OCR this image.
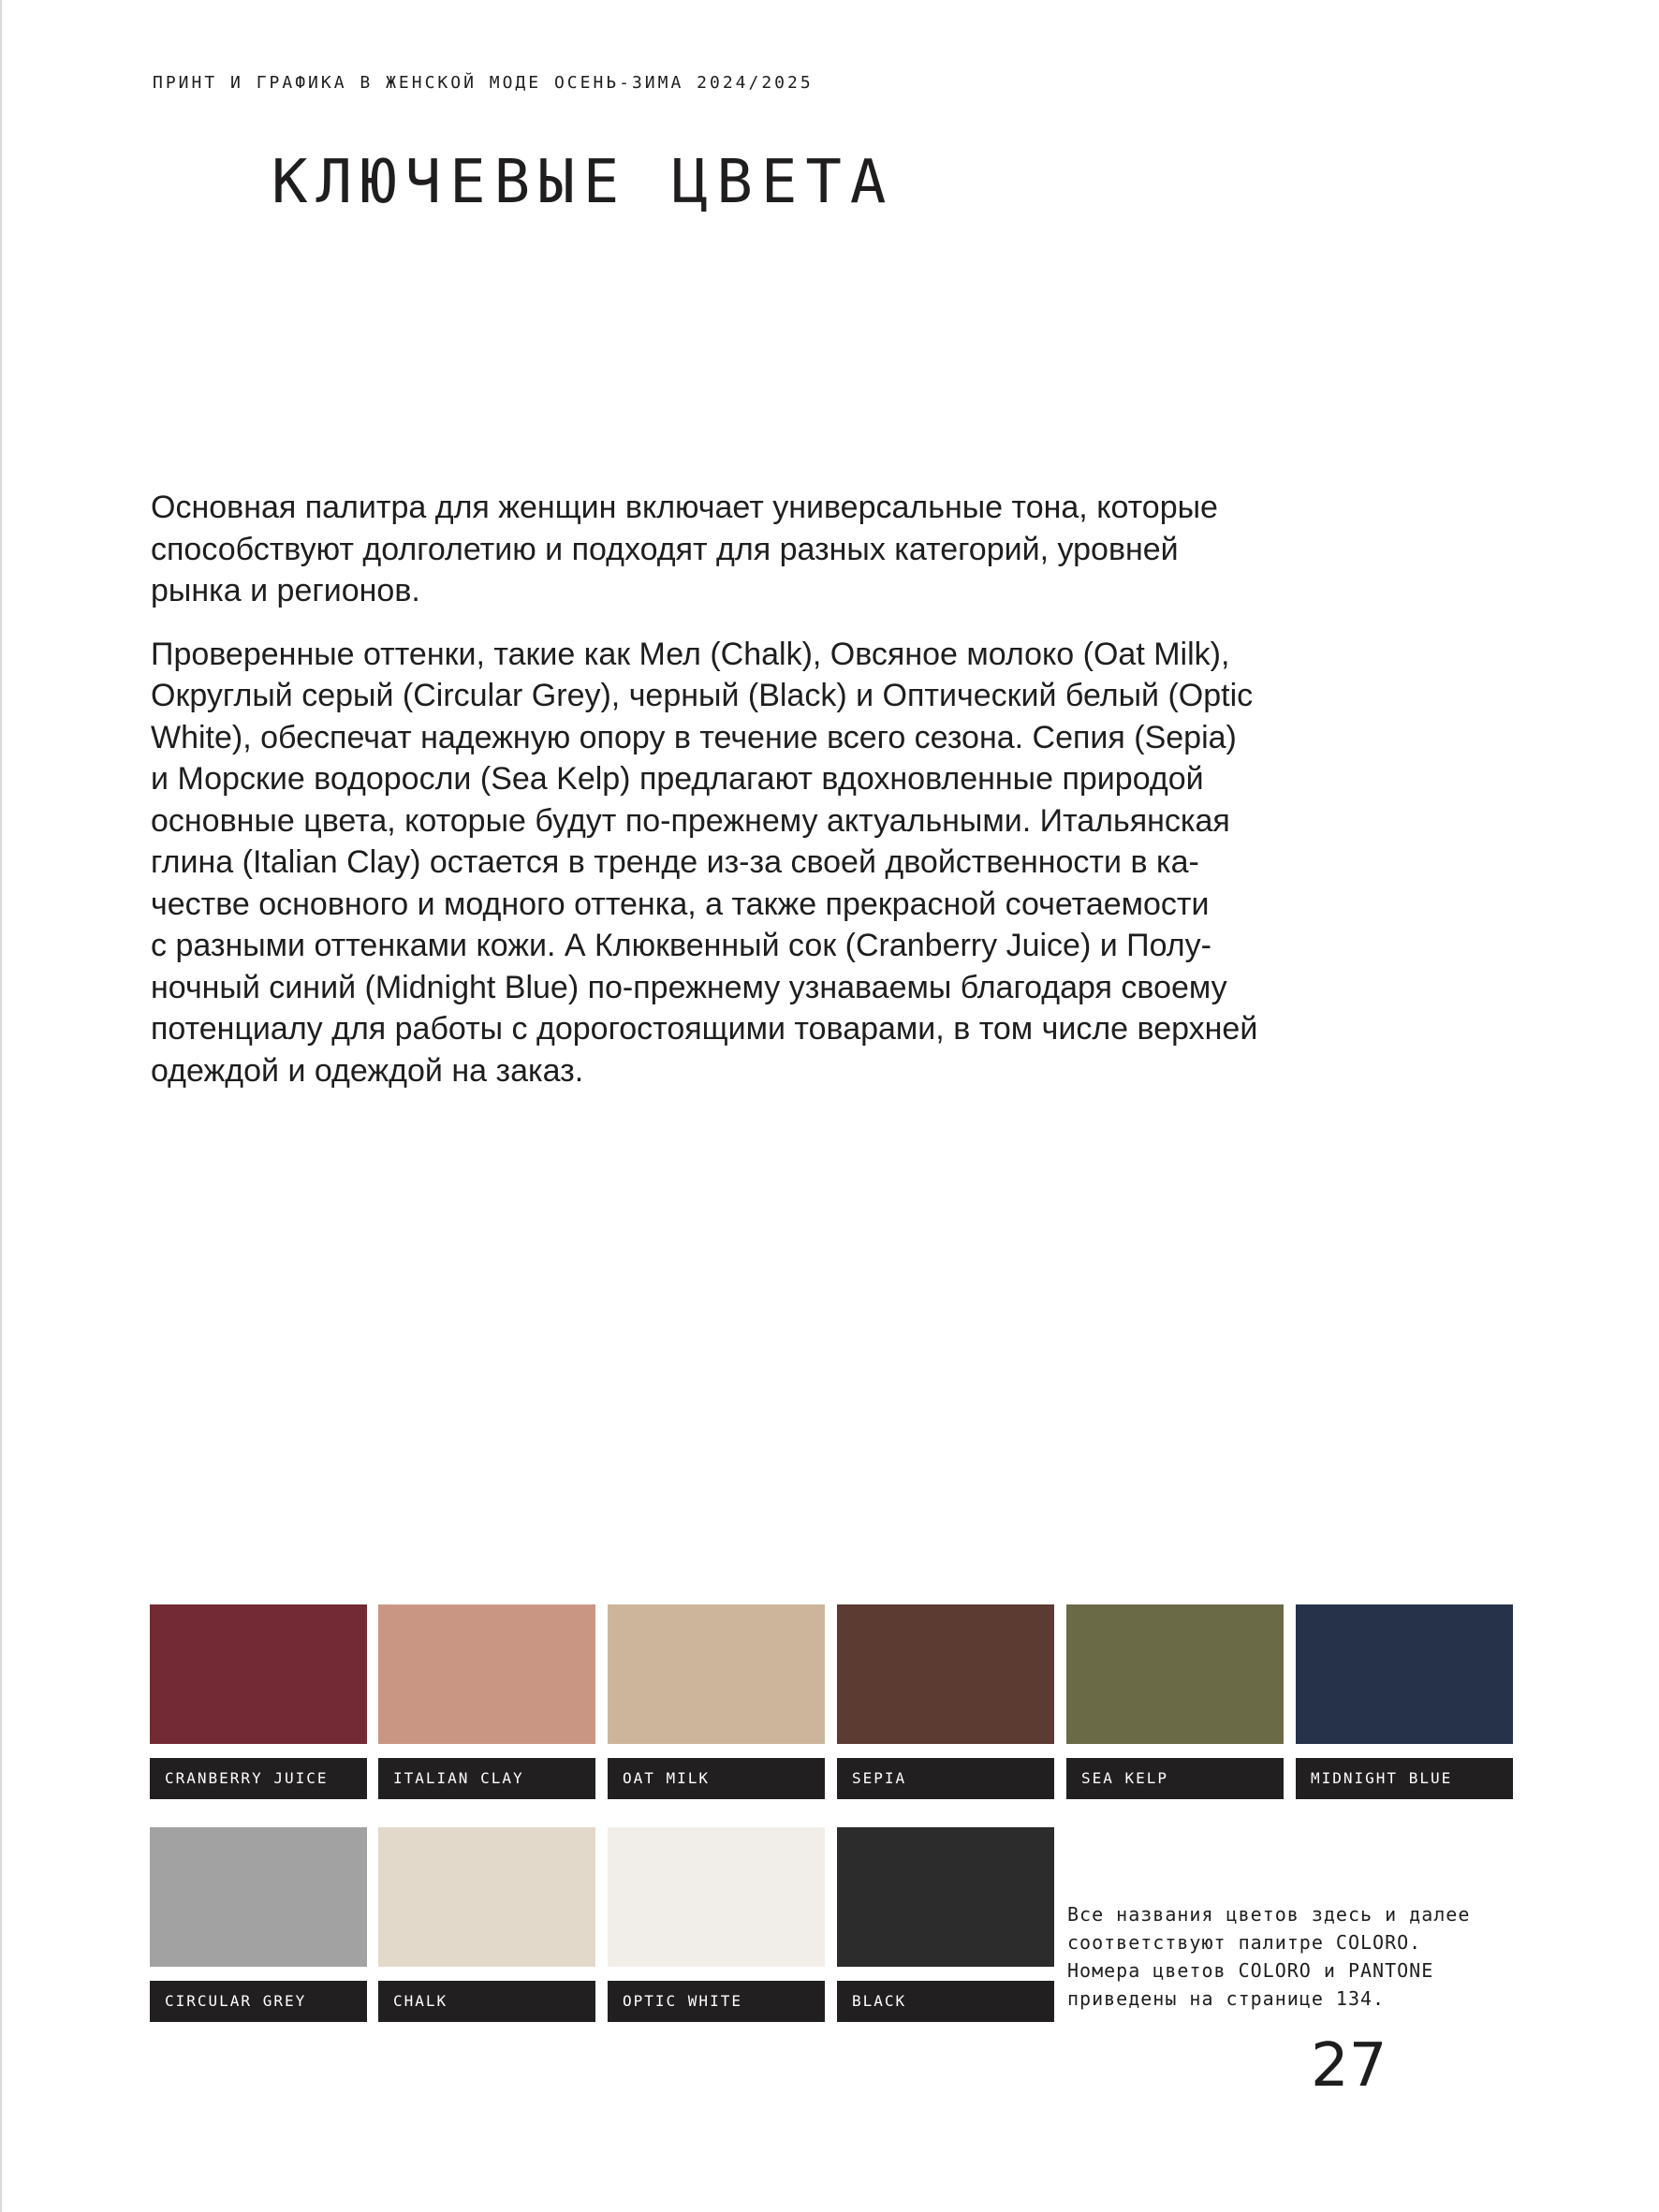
ПРИНТ И ГРАФИКА В ЖЕНСКОЙ МОДЕ ОСЕНЬ-ЗИМА 2024/2025
КЛЮЧЕВЫЕ ЦВЕТА

Основная палитра для женщин включает универсальные тона, которые
способствуют долголетию и подходят для разных категорий, уровней
рынка и регионов.

Проверенные оттенки, такие как Мел (Chalk), Овсяное молоко (Oat Milk),
Округлый серый (Circular Grey), черный (Black) и Оптический белый (Optic
White), обеспечат надежную опору в течение всего сезона. Сепия (Sepia)
и Морские водоросли (Sea Kelp) предлагают вдохновленные природой
основные цвета, которые будут по-прежнему актуальными. Итальянская
глина (Italian Clay) остается в тренде из-за своей двойственности в ка-
честве основного и модного оттенка, а также прекрасной сочетаемости
с разными оттенками кожи. А Клюквенный сок (Cranberry Juice) и Полу-
ночный синий (Midnight Blue) по-прежнему узнаваемы благодаря своему
потенциалу для работы с дорогостоящими товарами, в том числе верхней
одеждой и одеждой на заказ.

CRANBERRY JUICE	ITALIAN CLAY	OAT MILK	SEPIA	SEA KELP	MIDNIGHT BLUE
CIRCULAR GREY	CHALK	OPTIC WHITE	BLACK
Все названия цветов здесь и далее
соответствуют палитре COLORO.
Номера цветов COLORO и PANTONE
приведены на странице 134.
27
